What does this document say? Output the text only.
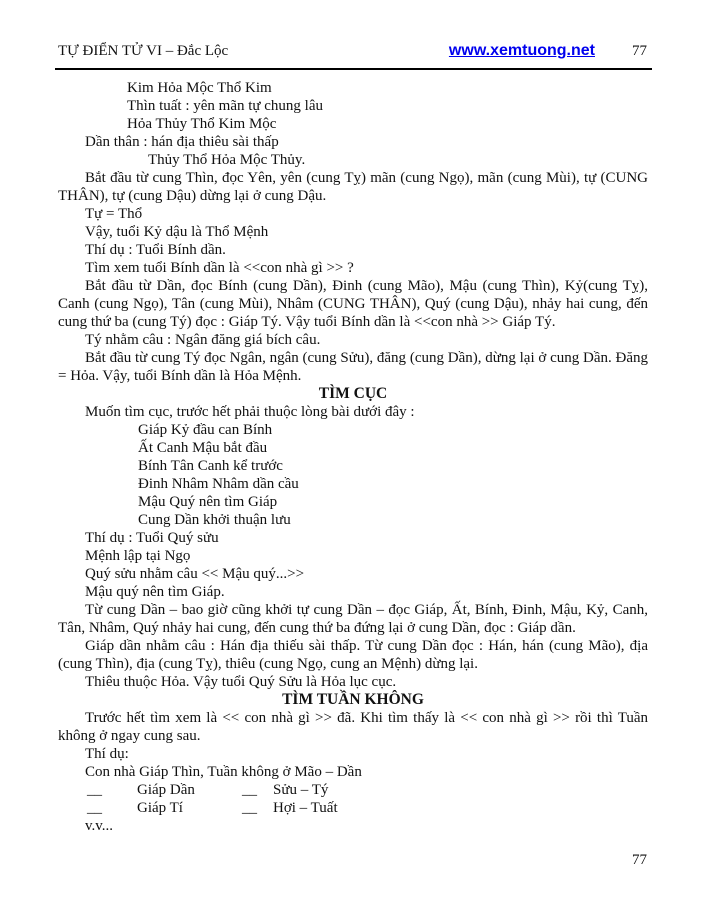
TỰ ĐIỂN TỬ VI – Đắc Lộc	www.xemtuong.net	77
Kim Hỏa Mộc Thổ Kim
Thìn tuất : yên mãn tự chung lâu
Hỏa Thủy Thổ Kim Mộc
Dần thân : hán địa thiêu sài thấp
Thủy Thổ Hỏa Mộc Thủy.
Bắt đầu từ cung Thìn, đọc Yên, yên (cung Tỵ) mãn (cung Ngọ), mãn (cung Mùi), tự (CUNG THÂN), tự (cung Dậu) dừng lại ở cung Dậu.
Tự = Thổ
Vậy, tuổi Kỷ dậu là Thổ Mệnh
Thí dụ : Tuổi Bính dần.
Tìm xem tuổi Bính dần là <<con nhà gì >> ?
Bắt đầu từ Dần, đọc Bính (cung Dần), Đinh (cung Mão), Mậu (cung Thìn), Kỷ(cung Tỵ), Canh (cung Ngọ), Tân (cung Mùi), Nhâm (CUNG THÂN), Quý (cung Dậu), nhảy hai cung, đến cung thứ ba (cung Tý) đọc : Giáp Tý. Vậy tuổi Bính dần là <<con nhà >> Giáp Tý.
Tý nhằm câu : Ngân đăng giá bích câu.
Bắt đầu từ cung Tý đọc Ngân, ngân (cung Sửu), đăng (cung Dần), dừng lại ở cung Dần. Đăng = Hỏa. Vậy, tuổi Bính dần là Hỏa Mệnh.
TÌM CỤC
Muốn tìm cục, trước hết phải thuộc lòng bài dưới đây :
Giáp Kỷ đầu can Bính
Ất Canh Mậu bắt đầu
Bính Tân Canh kể trước
Đinh Nhâm Nhâm dần cầu
Mậu Quý nên tìm Giáp
Cung Dần khởi thuận lưu
Thí dụ : Tuổi Quý sửu
Mệnh lập tại Ngọ
Quý sửu nhằm câu << Mậu quý...>>
Mậu quý nên tìm Giáp.
Từ cung Dần – bao giờ cũng khởi tự cung Dần – đọc Giáp, Ất, Bính, Đinh, Mậu, Kỷ, Canh, Tân, Nhâm, Quý nhảy hai cung, đến cung thứ ba đứng lại ở cung Dần, đọc : Giáp dần.
Giáp dần nhằm câu : Hán địa thiếu sài thấp. Từ cung Dần đọc : Hán, hán (cung Mão), địa (cung Thìn), địa (cung Tỵ), thiêu (cung Ngọ, cung an Mệnh) dừng lại.
Thiêu thuộc Hỏa. Vậy tuổi Quý Sửu là Hỏa lục cục.
TÌM TUẦN KHÔNG
Trước hết tìm xem là << con nhà gì >> đã. Khi tìm thấy là << con nhà gì >> rồi thì Tuần không ở ngay cung sau.
Thí dụ:
Con nhà Giáp Thìn, Tuần không ở Mão – Dần
__ Giáp Dần	__ Sửu – Tý
__ Giáp Tí	__ Hợi – Tuất
v.v...
77
